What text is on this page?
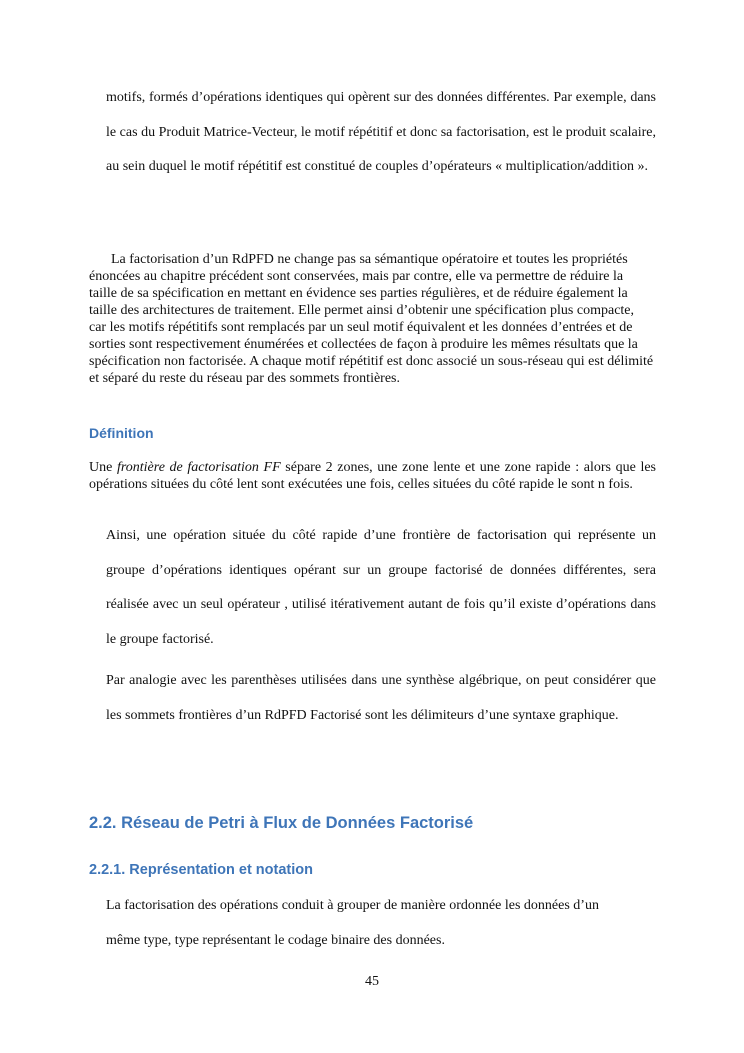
motifs, formés d’opérations identiques qui opèrent sur des données différentes. Par exemple, dans le cas du Produit Matrice-Vecteur, le motif répétitif et donc sa factorisation, est le produit scalaire, au sein duquel le motif répétitif est constitué de couples d’opérateurs « multiplication/addition ».

La factorisation d’un RdPFD ne change pas sa sémantique opératoire et toutes les propriétés énoncées au chapitre précédent sont conservées, mais par contre, elle va permettre de réduire la taille de sa spécification en mettant en évidence ses parties régulières, et de réduire également la taille des architectures de traitement. Elle permet ainsi d’obtenir une spécification plus compacte, car les motifs répétitifs sont remplacés par un seul motif équivalent et les données d’entrées et de sorties sont respectivement énumérées et collectées de façon à produire les mêmes résultats que la spécification non factorisée. A chaque motif répétitif est donc associé un sous-réseau qui est délimité et séparé du reste du réseau par des sommets frontières.

Définition

Une frontière de factorisation FF sépare 2 zones, une zone lente et une zone rapide : alors que les opérations situées du côté lent sont exécutées une fois, celles situées du côté rapide le sont n fois.

Ainsi, une opération située du côté rapide d’une frontière de factorisation qui représente un groupe d’opérations identiques opérant sur un groupe factorisé de données différentes, sera réalisée avec un seul opérateur , utilisé itérativement autant de fois qu’il existe d’opérations dans le groupe factorisé.

Par analogie avec les parenthèses utilisées dans une synthèse algébrique, on peut considérer que les sommets frontières d’un RdPFD Factorisé sont les délimiteurs d’une syntaxe graphique.

2.2. Réseau de Petri à Flux de Données Factorisé
2.2.1. Représentation et notation

La factorisation des opérations conduit à grouper de manière ordonnée les données d’un même type, type représentant le codage binaire des données.

45
